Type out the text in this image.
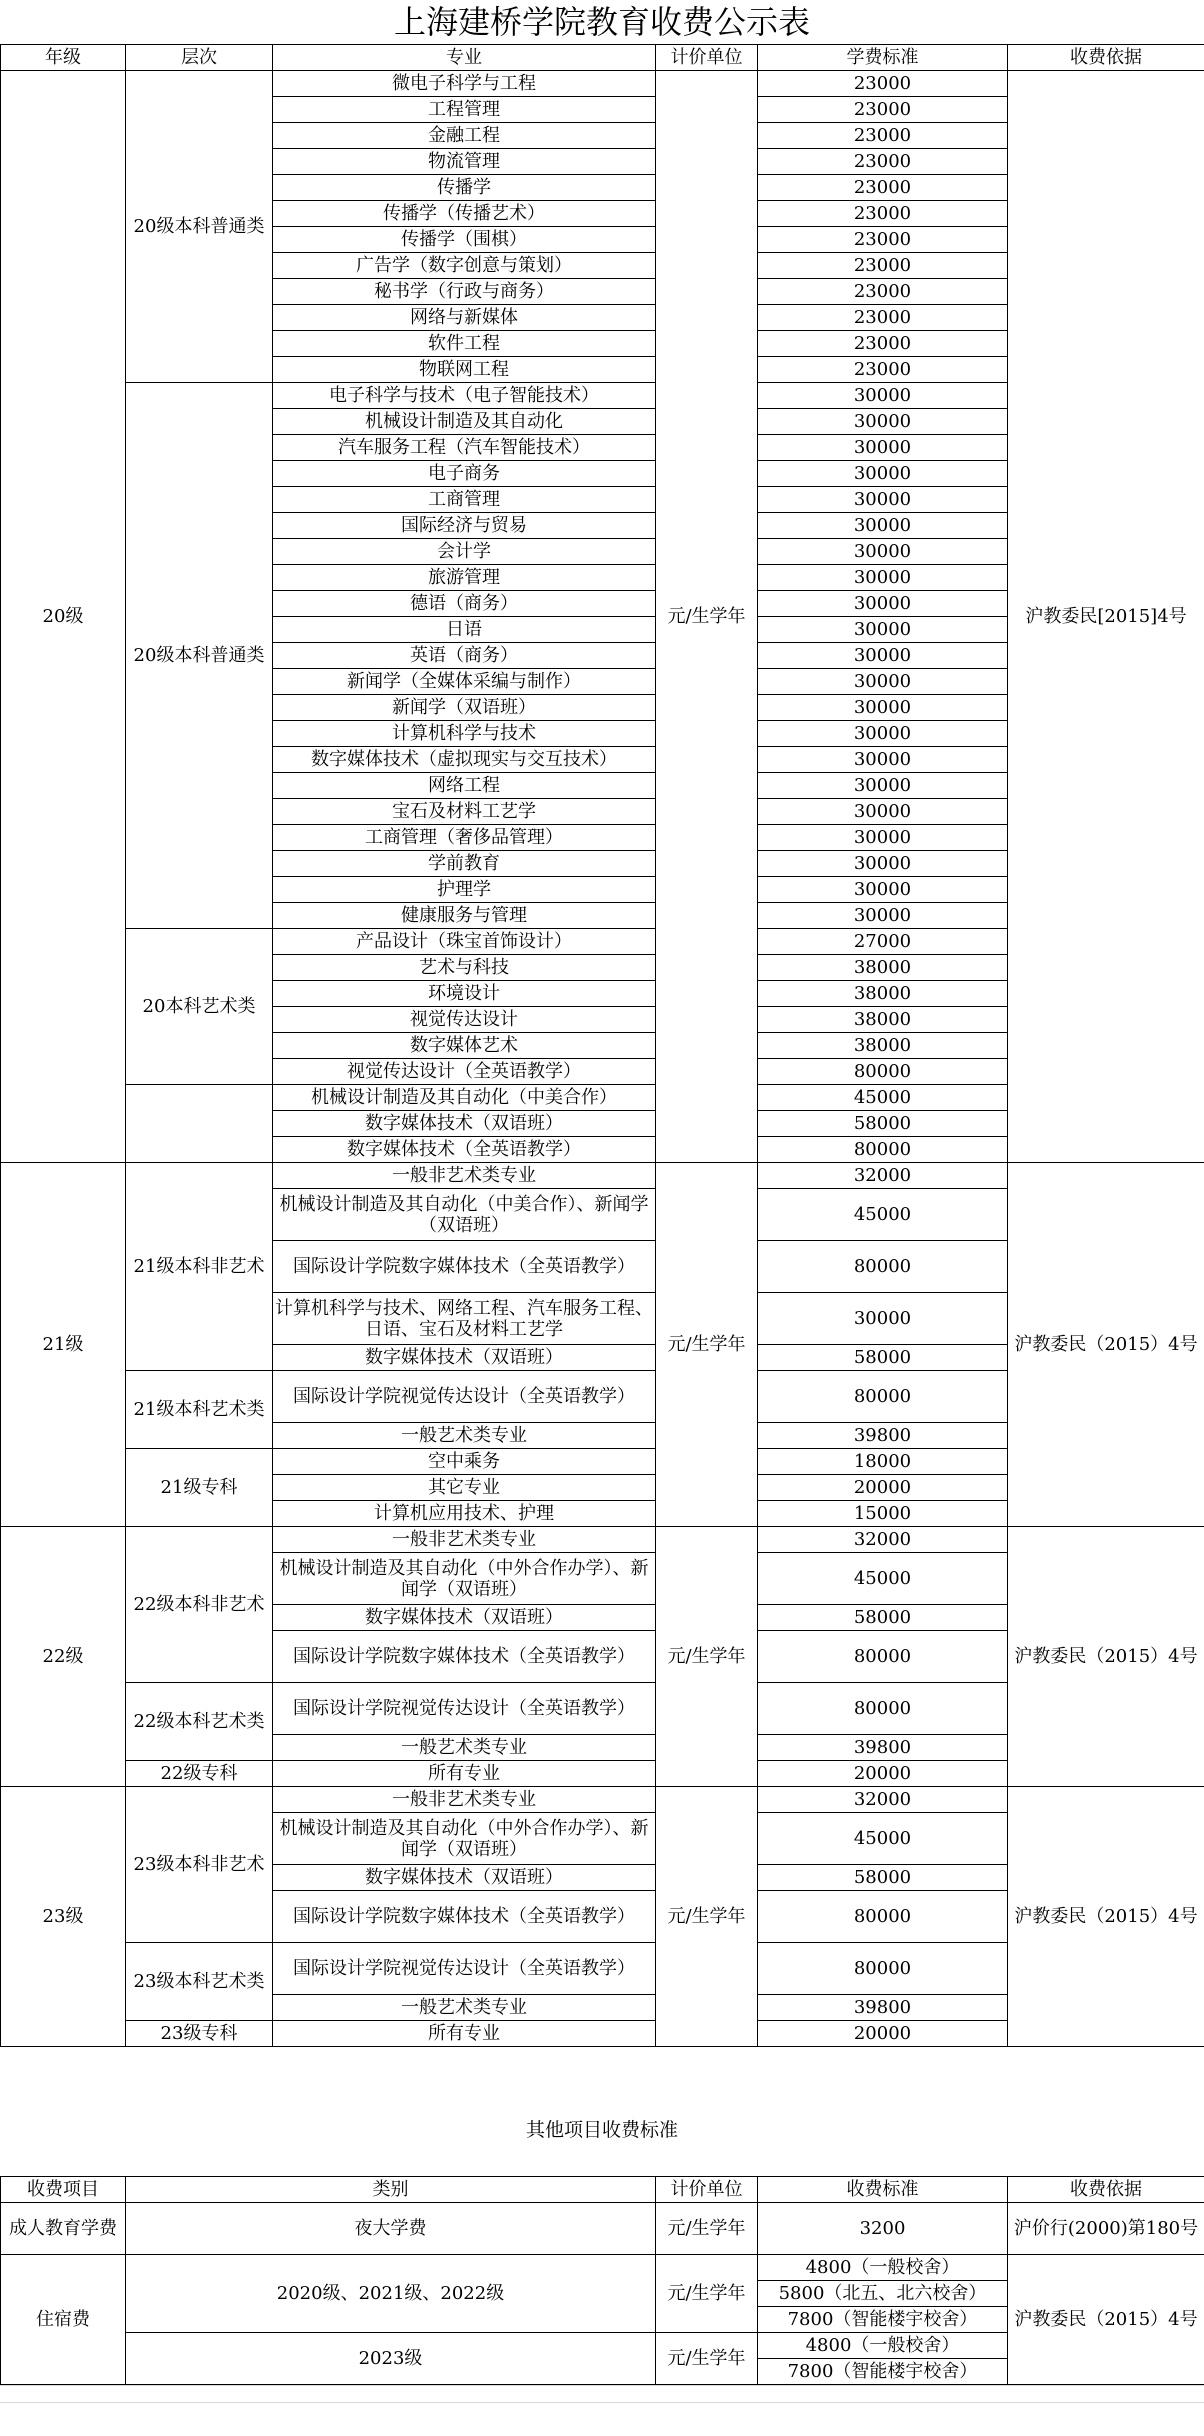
上海建桥学院教育收费公示表
年级	层次	专业	计价单位	学费标准	收费依据
20级	20级本科普通类	微电子科学与工程	元/生学年	23000	沪教委民[2015]4号
		工程管理		23000	
		金融工程		23000	
		物流管理		23000	
		传播学		23000	
		传播学（传播艺术）		23000	
		传播学（围棋）		23000	
		广告学（数字创意与策划）		23000	
		秘书学（行政与商务）		23000	
		网络与新媒体		23000	
		软件工程		23000	
		物联网工程		23000	
	20级本科普通类	电子科学与技术（电子智能技术）		30000	
		机械设计制造及其自动化		30000	
		汽车服务工程（汽车智能技术）		30000	
		电子商务		30000	
		工商管理		30000	
		国际经济与贸易		30000	
		会计学		30000	
		旅游管理		30000	
		德语（商务）		30000	
		日语		30000	
		英语（商务）		30000	
		新闻学（全媒体采编与制作）		30000	
		新闻学（双语班）		30000	
		计算机科学与技术		30000	
		数字媒体技术（虚拟现实与交互技术）		30000	
		网络工程		30000	
		宝石及材料工艺学		30000	
		工商管理（奢侈品管理）		30000	
		学前教育		30000	
		护理学		30000	
		健康服务与管理		30000	
	20本科艺术类	产品设计（珠宝首饰设计）		27000	
		艺术与科技		38000	
		环境设计		38000	
		视觉传达设计		38000	
		数字媒体艺术		38000	
		视觉传达设计（全英语教学）		80000	
		机械设计制造及其自动化（中美合作）		45000	
		数字媒体技术（双语班）		58000	
		数字媒体技术（全英语教学）		80000	
21级	21级本科非艺术	一般非艺术类专业	元/生学年	32000	沪教委民（2015）4号
		机械设计制造及其自动化（中美合作）、新闻学（双语班）		45000	
		国际设计学院数字媒体技术（全英语教学）		80000	
		计算机科学与技术、网络工程、汽车服务工程、日语、宝石及材料工艺学		30000	
		数字媒体技术（双语班）		58000	
	21级本科艺术类	国际设计学院视觉传达设计（全英语教学）		80000	
		一般艺术类专业		39800	
	21级专科	空中乘务		18000	
		其它专业		20000	
		计算机应用技术、护理		15000	
22级	22级本科非艺术	一般非艺术类专业	元/生学年	32000	沪教委民（2015）4号
		机械设计制造及其自动化（中外合作办学）、新闻学（双语班）		45000	
		数字媒体技术（双语班）		58000	
		国际设计学院数字媒体技术（全英语教学）		80000	
	22级本科艺术类	国际设计学院视觉传达设计（全英语教学）		80000	
		一般艺术类专业		39800	
	22级专科	所有专业		20000	
23级	23级本科非艺术	一般非艺术类专业	元/生学年	32000	沪教委民（2015）4号
		机械设计制造及其自动化（中外合作办学）、新闻学（双语班）		45000	
		数字媒体技术（双语班）		58000	
		国际设计学院数字媒体技术（全英语教学）		80000	
	23级本科艺术类	国际设计学院视觉传达设计（全英语教学）		80000	
		一般艺术类专业		39800	
	23级专科	所有专业		20000	
其他项目收费标准
收费项目	类别	计价单位	收费标准	收费依据
成人教育学费	夜大学费	元/生学年	3200	沪价行(2000)第180号
住宿费	2020级、2021级、2022级	元/生学年	4800（一般校舍）	沪教委民（2015）4号
			5800（北五、北六校舍）	
			7800（智能楼宇校舍）	
	2023级	元/生学年	4800（一般校舍）	
			7800（智能楼宇校舍）	
